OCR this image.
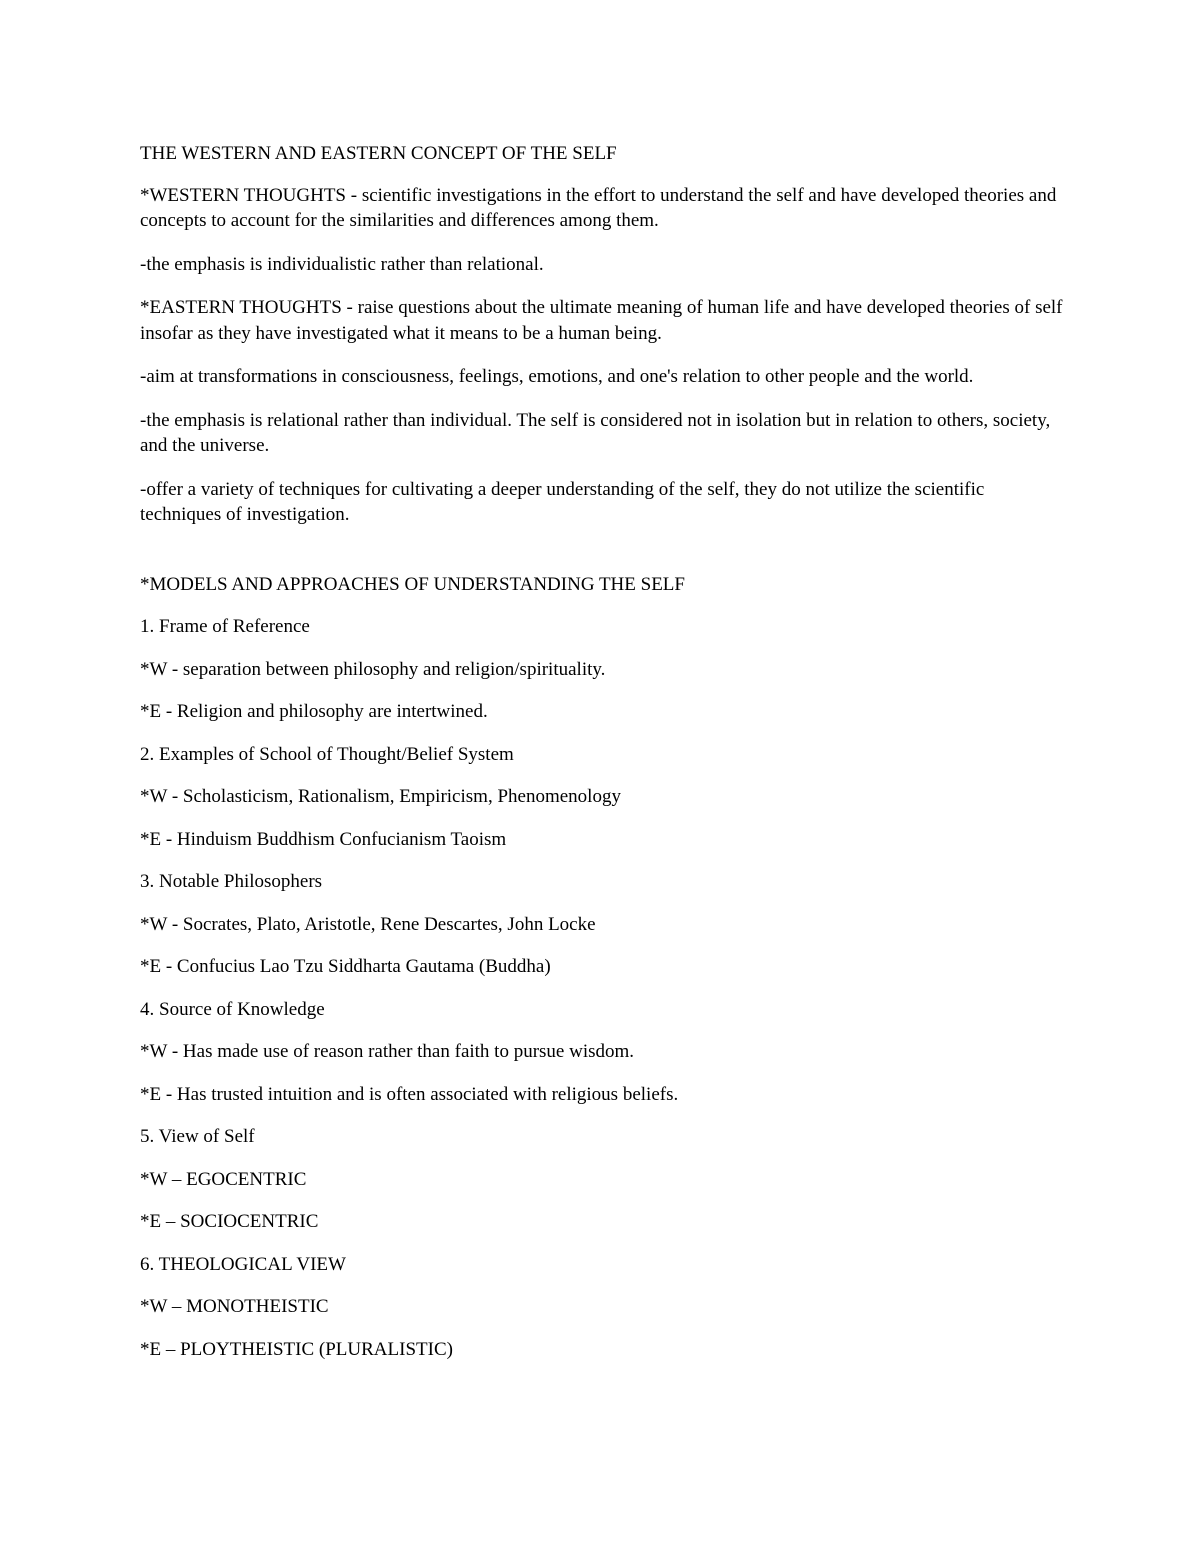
THE WESTERN AND EASTERN CONCEPT OF THE SELF

*WESTERN THOUGHTS - scientific investigations in the effort to understand the self and have developed theories and concepts to account for the similarities and differences among them.

-the emphasis is individualistic rather than relational.

*EASTERN THOUGHTS - raise questions about the ultimate meaning of human life and have developed theories of self insofar as they have investigated what it means to be a human being.

-aim at transformations in consciousness, feelings, emotions, and one's relation to other people and the world.

-the emphasis is relational rather than individual. The self is considered not in isolation but in relation to others, society, and the universe.

-offer a variety of techniques for cultivating a deeper understanding of the self, they do not utilize the scientific techniques of investigation.

*MODELS AND APPROACHES OF UNDERSTANDING THE SELF

1. Frame of Reference

*W - separation between philosophy and religion/spirituality.

*E - Religion and philosophy are intertwined.

2. Examples of School of Thought/Belief System

*W - Scholasticism, Rationalism, Empiricism, Phenomenology

*E - Hinduism Buddhism Confucianism Taoism

3. Notable Philosophers

*W - Socrates, Plato, Aristotle, Rene Descartes, John Locke

*E - Confucius Lao Tzu Siddharta Gautama (Buddha)

4. Source of Knowledge

*W - Has made use of reason rather than faith to pursue wisdom.

*E - Has trusted intuition and is often associated with religious beliefs.

5. View of Self

*W – EGOCENTRIC

*E – SOCIOCENTRIC

6. THEOLOGICAL VIEW

*W – MONOTHEISTIC

*E – PLOYTHEISTIC (PLURALISTIC)
